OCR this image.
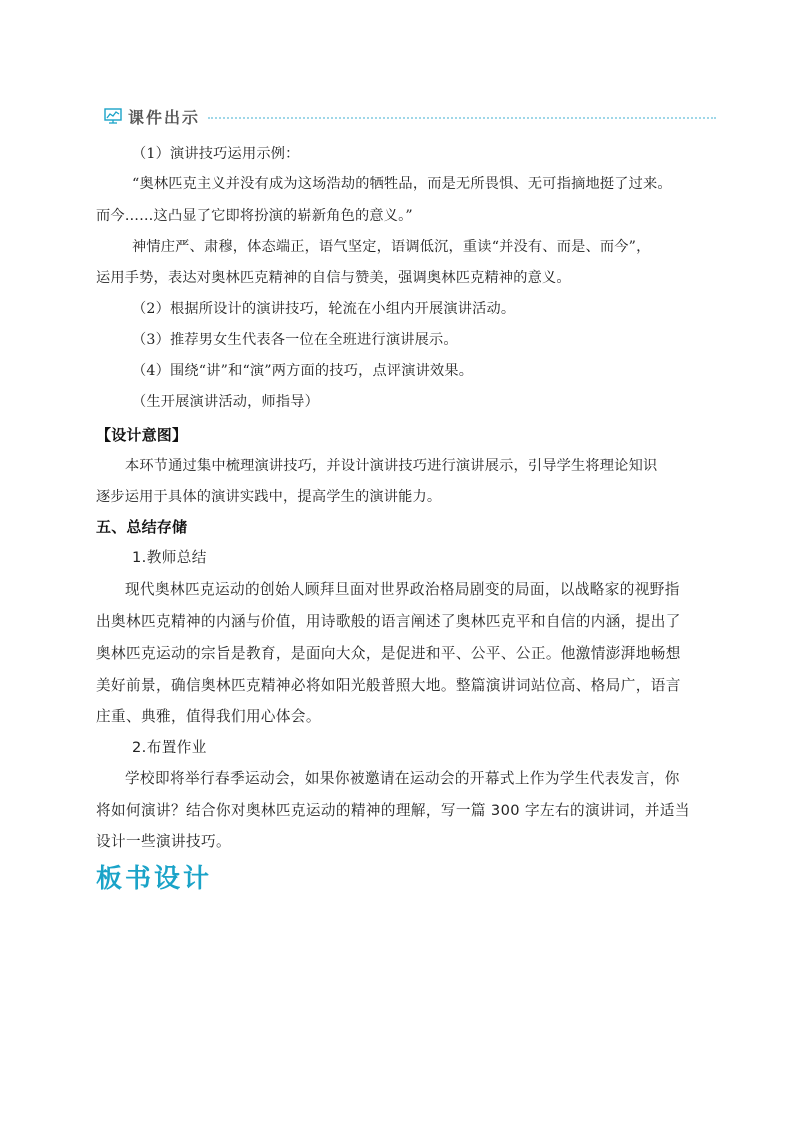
课件出示
（1）演讲技巧运用示例：
“奥林匹克主义并没有成为这场浩劫的牺牲品，而是无所畏惧、无可指摘地挺了过来。
而今……这凸显了它即将扮演的崭新角色的意义。”
神情庄严、肃穆，体态端正，语气坚定，语调低沉，重读“并没有、而是、而今”，
运用手势，表达对奥林匹克精神的自信与赞美，强调奥林匹克精神的意义。
（2）根据所设计的演讲技巧，轮流在小组内开展演讲活动。
（3）推荐男女生代表各一位在全班进行演讲展示。
（4）围绕“讲”和“演”两方面的技巧，点评演讲效果。
（生开展演讲活动，师指导）
【设计意图】
本环节通过集中梳理演讲技巧，并设计演讲技巧进行演讲展示，引导学生将理论知识
逐步运用于具体的演讲实践中，提高学生的演讲能力。
五、总结存储
1.教师总结
现代奥林匹克运动的创始人顾拜旦面对世界政治格局剧变的局面，以战略家的视野指
出奥林匹克精神的内涵与价值，用诗歌般的语言阐述了奥林匹克平和自信的内涵，提出了
奥林匹克运动的宗旨是教育，是面向大众，是促进和平、公平、公正。他激情澎湃地畅想
美好前景，确信奥林匹克精神必将如阳光般普照大地。整篇演讲词站位高、格局广，语言
庄重、典雅，值得我们用心体会。
2.布置作业
学校即将举行春季运动会，如果你被邀请在运动会的开幕式上作为学生代表发言，你
将如何演讲？结合你对奥林匹克运动的精神的理解，写一篇 300 字左右的演讲词，并适当
设计一些演讲技巧。
板书设计
